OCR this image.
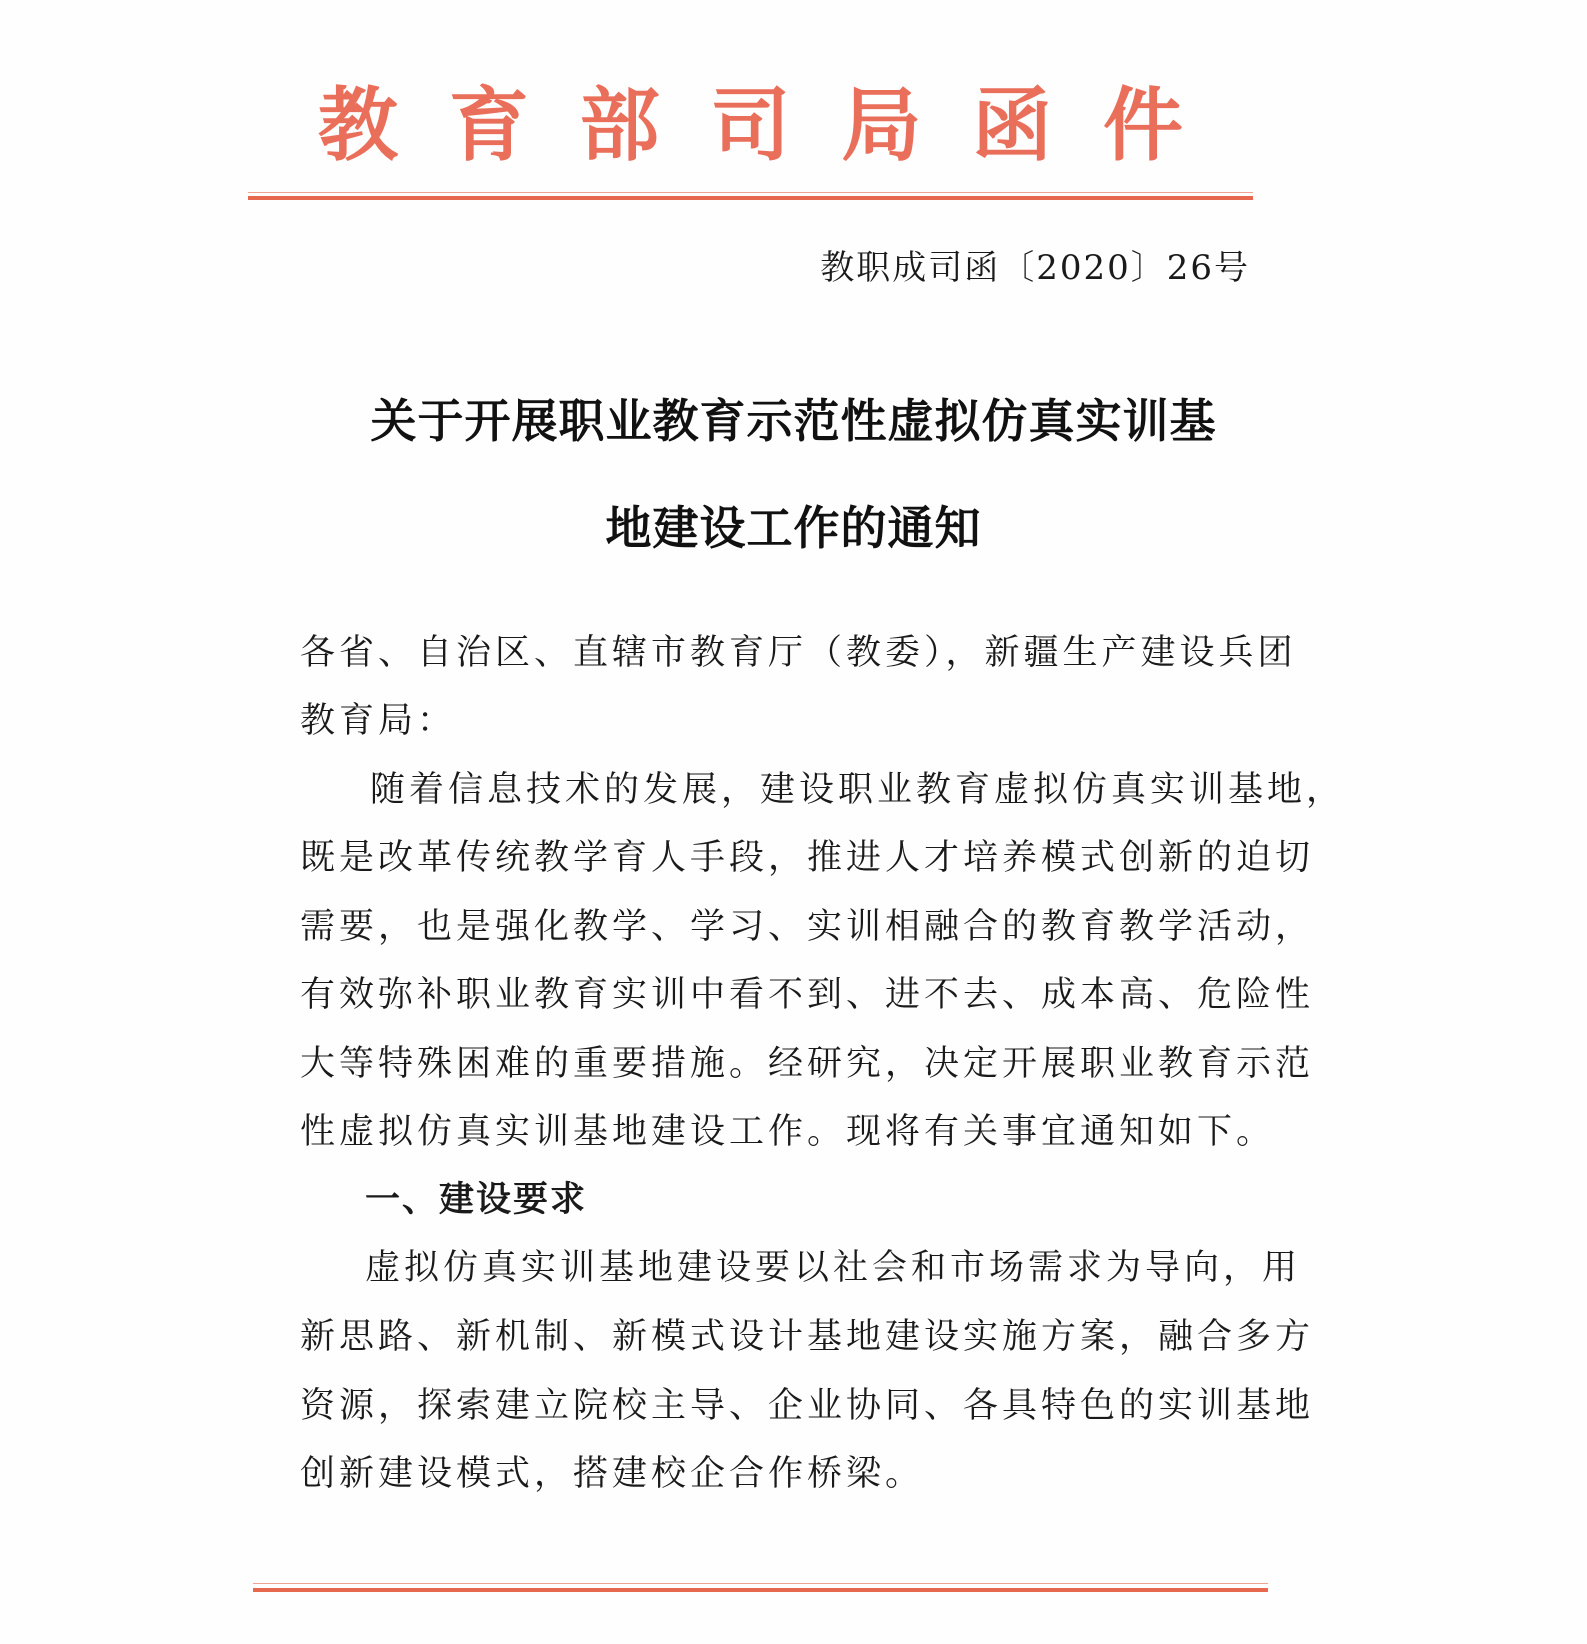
教 育 部 司 局 函 件
教职成司函〔2020〕26号
关于开展职业教育示范性虚拟仿真实训基
地建设工作的通知
各省、自治区、直辖市教育厅（教委），新疆生产建设兵团
教育局：
随着信息技术的发展，建设职业教育虚拟仿真实训基地，
既是改革传统教学育人手段，推进人才培养模式创新的迫切
需要，也是强化教学、学习、实训相融合的教育教学活动，
有效弥补职业教育实训中看不到、进不去、成本高、危险性
大等特殊困难的重要措施。经研究，决定开展职业教育示范
性虚拟仿真实训基地建设工作。现将有关事宜通知如下。
一、建设要求
虚拟仿真实训基地建设要以社会和市场需求为导向，用
新思路、新机制、新模式设计基地建设实施方案，融合多方
资源，探索建立院校主导、企业协同、各具特色的实训基地
创新建设模式，搭建校企合作桥梁。
